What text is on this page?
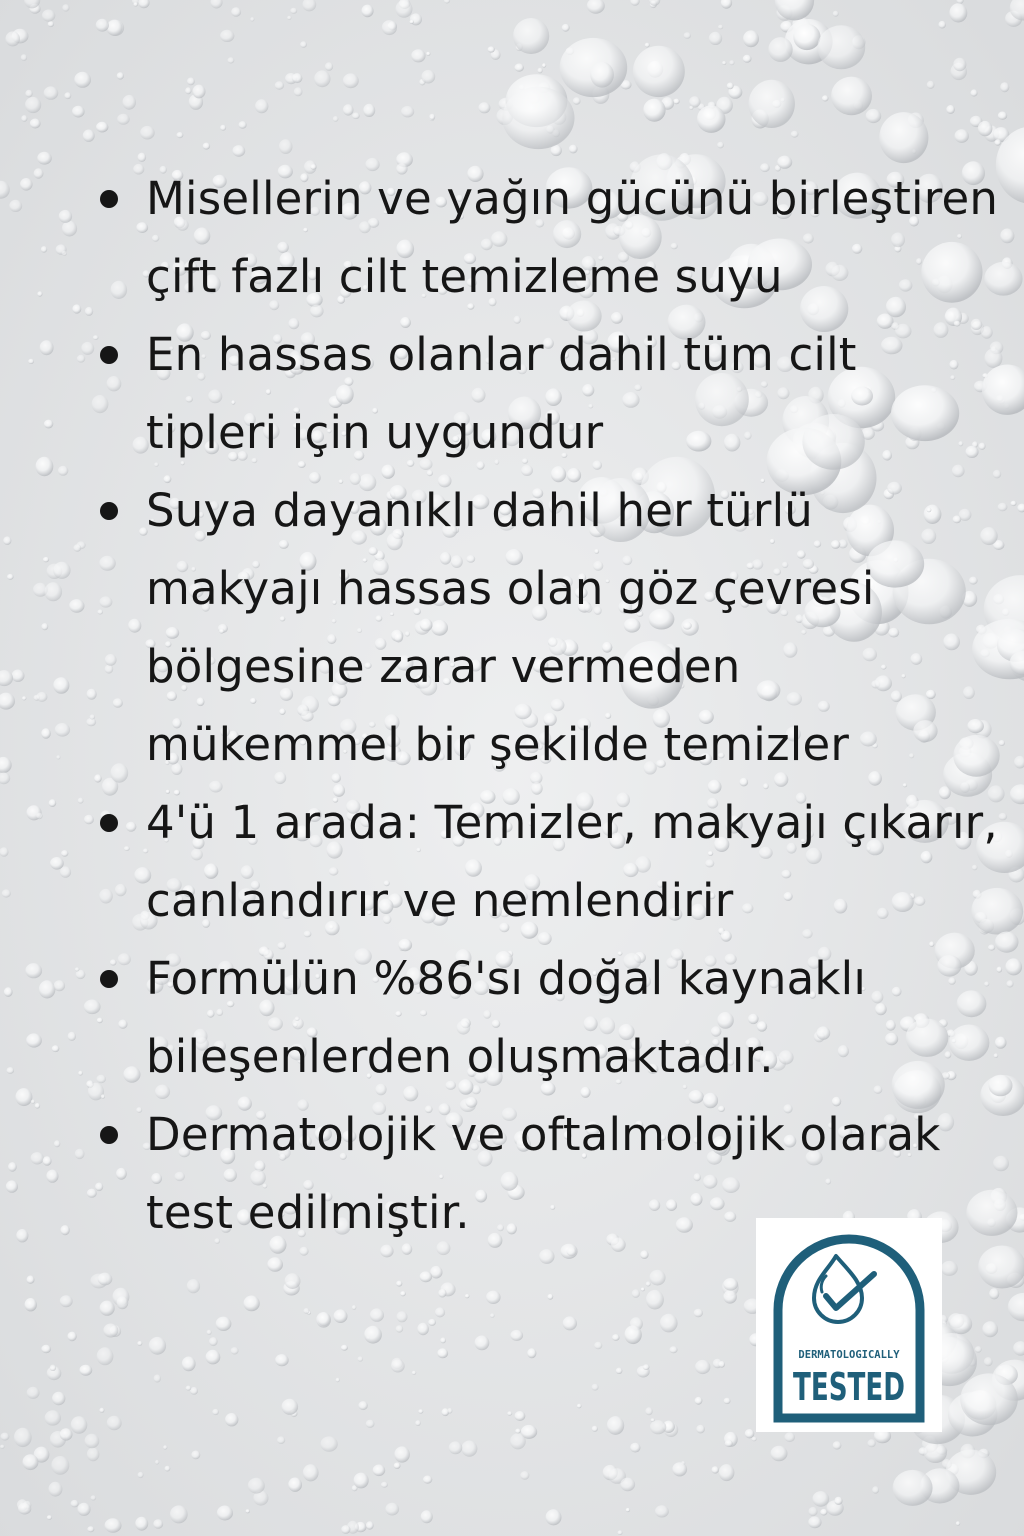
Misellerin ve yağın gücünü birleştiren çift fazlı cilt temizleme suyu
En hassas olanlar dahil tüm cilt tipleri için uygundur
Suya dayanıklı dahil her türlü makyajı hassas olan göz çevresi bölgesine zarar vermeden mükemmel bir şekilde temizler
4'ü 1 arada: Temizler, makyajı çıkarır, canlandırır ve nemlendirir
Formülün %86'sı doğal kaynaklı bileşenlerden oluşmaktadır.
Dermatolojik ve oftalmolojik olarak test edilmiştir.
DERMATOLOGICALLY
TESTED
